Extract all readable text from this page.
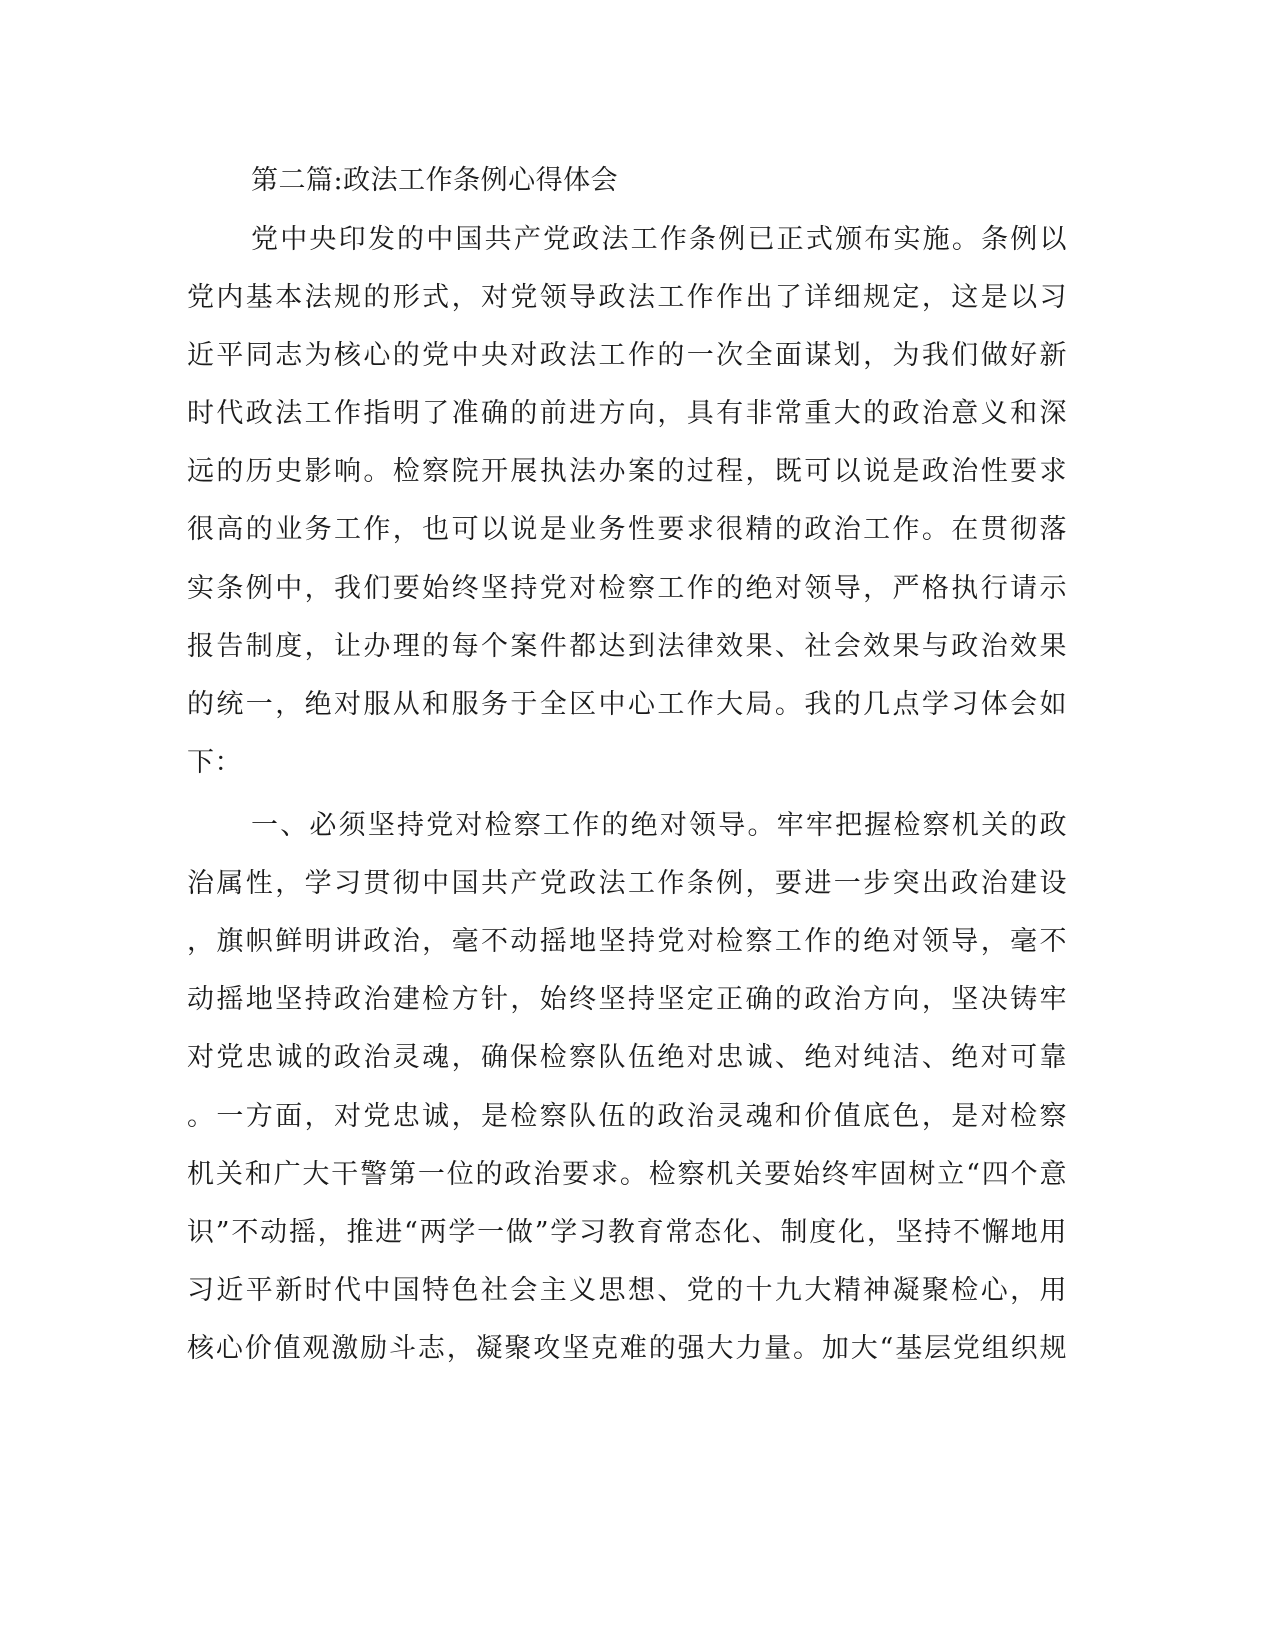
第二篇:政法工作条例心得体会
党中央印发的中国共产党政法工作条例已正式颁布实施。条例以
党内基本法规的形式，对党领导政法工作作出了详细规定，这是以习
近平同志为核心的党中央对政法工作的一次全面谋划，为我们做好新
时代政法工作指明了准确的前进方向，具有非常重大的政治意义和深
远的历史影响。检察院开展执法办案的过程，既可以说是政治性要求
很高的业务工作，也可以说是业务性要求很精的政治工作。在贯彻落
实条例中，我们要始终坚持党对检察工作的绝对领导，严格执行请示
报告制度，让办理的每个案件都达到法律效果、社会效果与政治效果
的统一，绝对服从和服务于全区中心工作大局。我的几点学习体会如
下：
一、必须坚持党对检察工作的绝对领导。牢牢把握检察机关的政
治属性，学习贯彻中国共产党政法工作条例，要进一步突出政治建设
，旗帜鲜明讲政治，毫不动摇地坚持党对检察工作的绝对领导，毫不
动摇地坚持政治建检方针，始终坚持坚定正确的政治方向，坚决铸牢
对党忠诚的政治灵魂，确保检察队伍绝对忠诚、绝对纯洁、绝对可靠
。一方面，对党忠诚，是检察队伍的政治灵魂和价值底色，是对检察
机关和广大干警第一位的政治要求。检察机关要始终牢固树立“四个意
识”不动摇，推进“两学一做”学习教育常态化、制度化，坚持不懈地用
习近平新时代中国特色社会主义思想、党的十九大精神凝聚检心，用
核心价值观激励斗志，凝聚攻坚克难的强大力量。加大“基层党组织规
